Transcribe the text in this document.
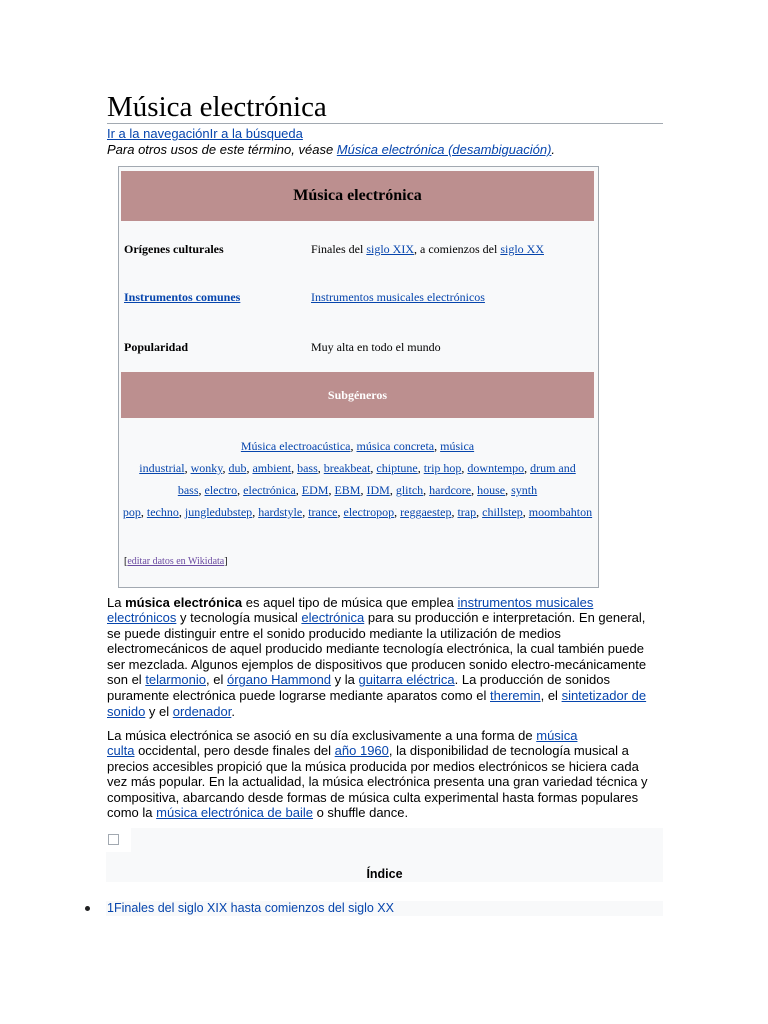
Música electrónica
Ir a la navegaciónIr a la búsqueda
Para otros usos de este término, véase Música electrónica (desambiguación).
Música electrónica
Orígenes culturales	Finales del siglo XIX, a comienzos del siglo XX
Instrumentos comunes	Instrumentos musicales electrónicos
Popularidad	Muy alta en todo el mundo
Subgéneros
Música electroacústica, música concreta, música
industrial, wonky, dub, ambient, bass, breakbeat, chiptune, trip hop, downtempo, drum and
bass, electro, electrónica, EDM, EBM, IDM, glitch, hardcore, house, synth
pop, techno, jungledubstep, hardstyle, trance, electropop, reggaestep, trap, chillstep, moombahton
[editar datos en Wikidata]
La música electrónica es aquel tipo de música que emplea instrumentos musicales
electrónicos y tecnología musical electrónica para su producción e interpretación. En general,
se puede distinguir entre el sonido producido mediante la utilización de medios
electromecánicos de aquel producido mediante tecnología electrónica, la cual también puede
ser mezclada. Algunos ejemplos de dispositivos que producen sonido electro-mecánicamente
son el telarmonio, el órgano Hammond y la guitarra eléctrica. La producción de sonidos
puramente electrónica puede lograrse mediante aparatos como el theremin, el sintetizador de
sonido y el ordenador.
La música electrónica se asoció en su día exclusivamente a una forma de música
culta occidental, pero desde finales del año 1960, la disponibilidad de tecnología musical a
precios accesibles propició que la música producida por medios electrónicos se hiciera cada
vez más popular. En la actualidad, la música electrónica presenta una gran variedad técnica y
compositiva, abarcando desde formas de música culta experimental hasta formas populares
como la música electrónica de baile o shuffle dance.
Índice
1Finales del siglo XIX hasta comienzos del siglo XX
